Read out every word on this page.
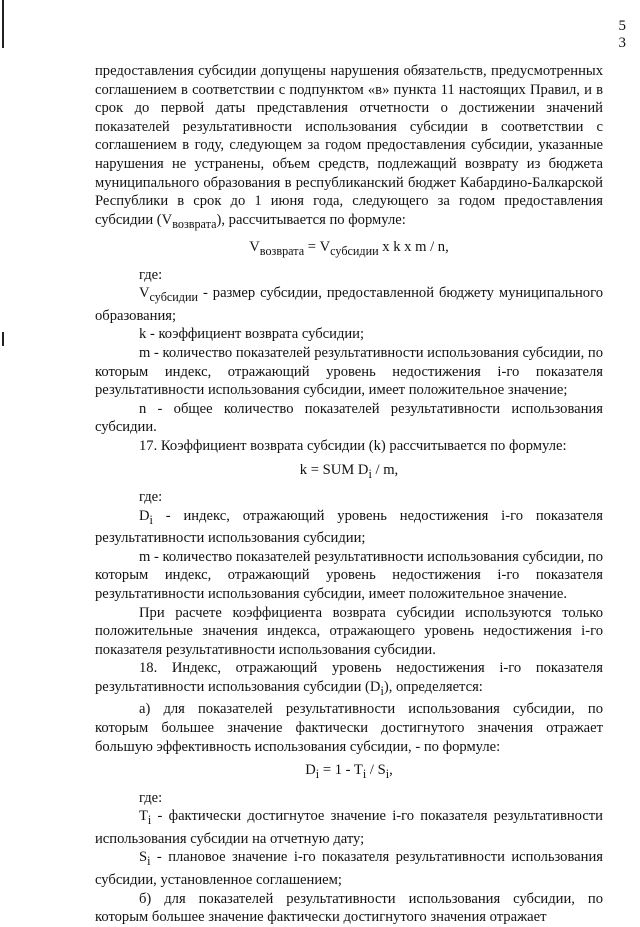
5
3

предоставления субсидии допущены нарушения обязательств, предусмотренных соглашением в соответствии с подпунктом «в» пункта 11 настоящих Правил, и в срок до первой даты представления отчетности о достижении значений показателей результативности использования субсидии в соответствии с соглашением в году, следующем за годом предоставления субсидии, указанные нарушения не устранены, объем средств, подлежащий возврату из бюджета муниципального образования в республиканский бюджет Кабардино-Балкарской Республики в срок до 1 июня года, следующего за годом предоставления субсидии $(V_{возврата})$, рассчитывается по формуле:

$V_{возврата} = V_{субсидии}$ x k x m / n,

где:

$V_{субсидии}$ - размер субсидии, предоставленной бюджету муниципального образования;

k - коэффициент возврата субсидии;

m - количество показателей результативности использования субсидии, по которым индекс, отражающий уровень недостижения i-го показателя результативности использования субсидии, имеет положительное значение;

n - общее количество показателей результативности использования субсидии.

17. Коэффициент возврата субсидии (k) рассчитывается по формуле:

k = SUM $D_i$ / m,

где:

$D_i$ - индекс, отражающий уровень недостижения i-го показателя результативности использования субсидии;

m - количество показателей результативности использования субсидии, по которым индекс, отражающий уровень недостижения i-го показателя результативности использования субсидии, имеет положительное значение.

При расчете коэффициента возврата субсидии используются только положительные значения индекса, отражающего уровень недостижения i-го показателя результативности использования субсидии.

18. Индекс, отражающий уровень недостижения i-го показателя результативности использования субсидии $(D_i)$, определяется:

а) для показателей результативности использования субсидии, по которым большее значение фактически достигнутого значения отражает большую эффективность использования субсидии, - по формуле:

$D_i = 1 - T_i / S_i$,

где:

$T_i$ - фактически достигнутое значение i-го показателя результативности использования субсидии на отчетную дату;

$S_i$ - плановое значение i-го показателя результативности использования субсидии, установленное соглашением;

б) для показателей результативности использования субсидии, по которым большее значение фактически достигнутого значения отражает
